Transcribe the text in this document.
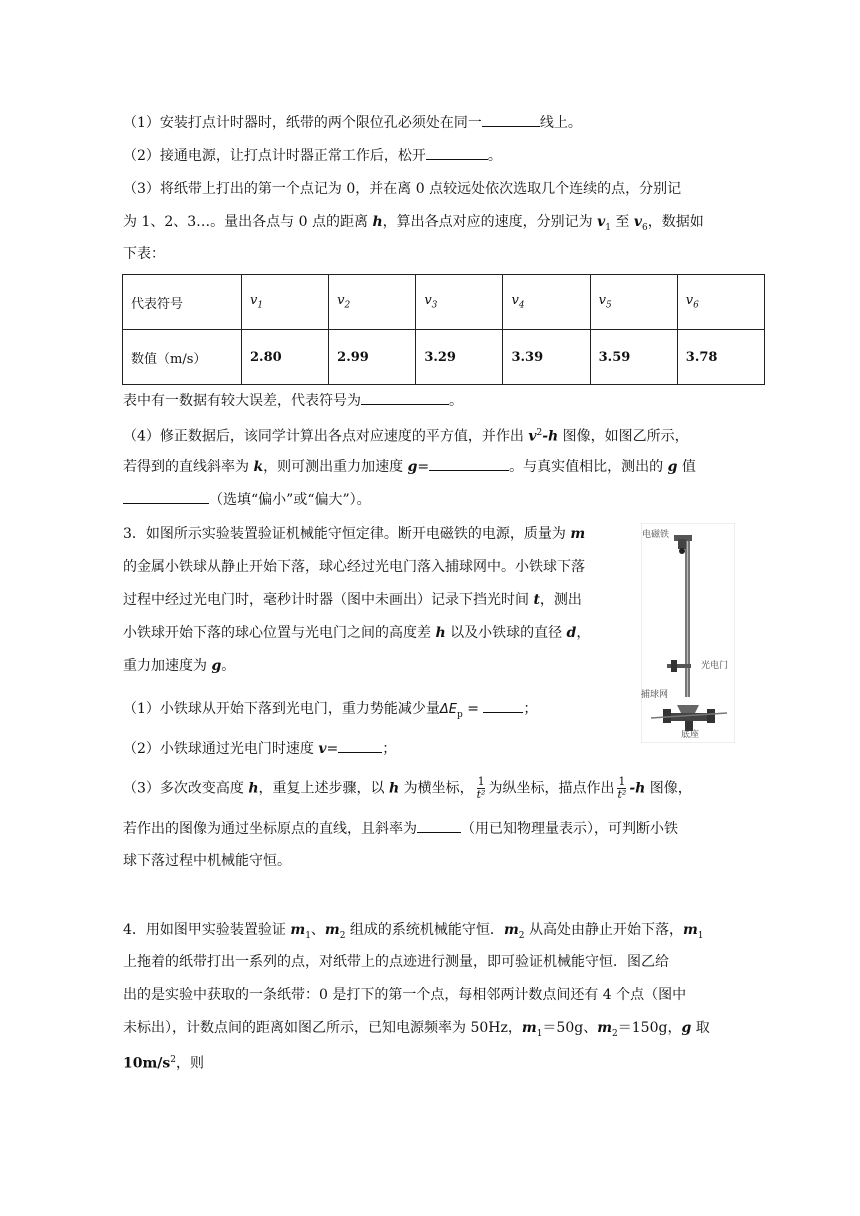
（1）安装打点计时器时，纸带的两个限位孔必须处在同一	线上。
（2）接通电源，让打点计时器正常工作后，松开	。
（3）将纸带上打出的第一个点记为 0，并在离 0 点较远处依次选取几个连续的点，分别记
为 1、2、3…。量出各点与 0 点的距离 h，算出各点对应的速度，分别记为 $v_1$ 至 $v_6$，数据如
下表：
代表符号	$v_1$	$v_2$	$v_3$	$v_4$	$v_5$	$v_6$
数值（m/s）	2.80	2.99	3.29	3.39	3.59	3.78
表中有一数据有较大误差，代表符号为	。
（4）修正数据后，该同学计算出各点对应速度的平方值，并作出 $v^2-h$ 图像，如图乙所示，
若得到的直线斜率为 k，则可测出重力加速度 g=	。与真实值相比，测出的 g 值
（选填“偏小”或“偏大”）。
3．如图所示实验装置验证机械能守恒定律。断开电磁铁的电源，质量为 m
的金属小铁球从静止开始下落，球心经过光电门落入捕球网中。小铁球下落
过程中经过光电门时，毫秒计时器（图中未画出）记录下挡光时间 t，测出
小铁球开始下落的球心位置与光电门之间的高度差 h 以及小铁球的直径 d，
重力加速度为 g。
（1）小铁球从开始下落到光电门，重力势能减少量$\Delta E_p$ =	；
（2）小铁球通过光电门时速度 v=	；
（3）多次改变高度 h，重复上述步骤，以 h 为横坐标， $\frac{1}{\text{t²}}$ 为纵坐标，描点作出 $\frac{1}{\text{t²}} -h$ 图像，
若作出的图像为通过坐标原点的直线，且斜率为	（用已知物理量表示），可判断小铁
球下落过程中机械能守恒。
电磁铁
光电门
捕球网
底座
4．用如图甲实验装置验证 $m_1$、$m_2$ 组成的系统机械能守恒．$m_2$ 从高处由静止开始下落，$m_1$
上拖着的纸带打出一系列的点，对纸带上的点迹进行测量，即可验证机械能守恒．图乙给
出的是实验中获取的一条纸带：0 是打下的第一个点，每相邻两计数点间还有 4 个点（图中
未标出），计数点间的距离如图乙所示，已知电源频率为 50Hz，$m_1=50g$、$m_2=150g$，g 取
$10m/s^2$，则
